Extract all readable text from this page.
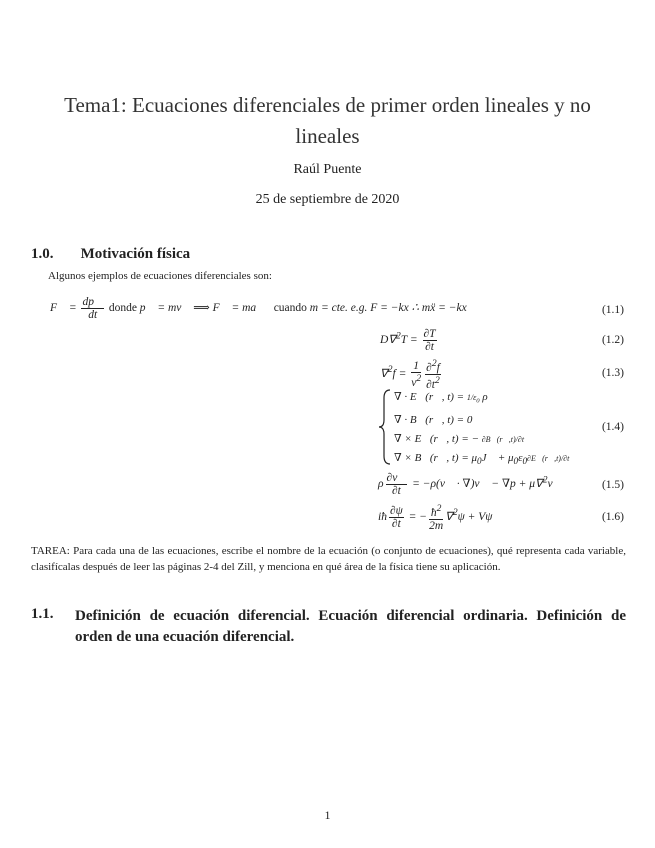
Tema1: Ecuaciones diferenciales de primer orden lineales y no lineales
Raúl Puente
25 de septiembre de 2020
1.0. Motivación física
Algunos ejemplos de ecuaciones diferenciales son:
F⃗ = $\frac{dp⃗}{dt}$ donde p⃗ = mv⃗ ⟹ F⃗ = ma⃗   cuando m = cte. e.g. F = −kx ∴ mẍ = −kx	(1.1)
$D\nabla^2T = \frac{\partial T}{\partial t}$	(1.2)
$\nabla^2f = \frac{1}{v^2} \frac{\partial^2f}{\partial t^2}$	(1.3)
∇ · E⃗(r⃗, $t) = 1/\varepsilon_0$ ρ
∇ · B⃗(r⃗, t) = 0
∇ × E⃗(r⃗, t) = − ∂B⃗(r⃗,t)/∂t
∇ × B⃗(r⃗, $t) = \mu_0J⃗$ + $\mu_0\varepsilon_0\partial E⃗(r⃗,t)/\partial t$
(1.4)
ρ $\frac{\partial v⃗}{\partial t}$ = −ρ(v⃗ · ∇)v⃗ − ∇p + μ∇$^2$v⃗	(1.5)
iħ $\frac{\partial\psi}{\partial t}$ = − $\frac{ħ^2}{2m} \nabla^2\psi + V\psi$	(1.6)
TAREA: Para cada una de las ecuaciones, escribe el nombre de la ecuación (o conjunto de ecuaciones), qué representa cada variable, clasifícalas después de leer las páginas 2-4 del Zill, y menciona en qué área de la física tiene su aplicación.
1.1. Definición de ecuación diferencial. Ecuación diferencial ordinaria. Definición de orden de una ecuación diferencial.
1
